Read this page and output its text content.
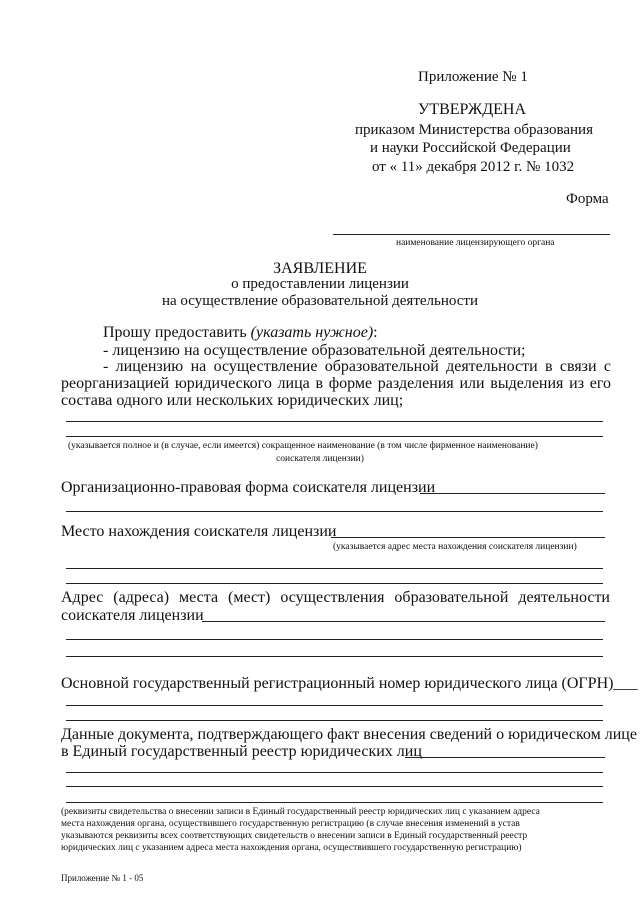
Приложение № 1
УТВЕРЖДЕНА
приказом Министерства образования
и науки Российской Федерации
от « 11» декабря 2012 г. № 1032
Форма
наименование лицензирующего органа
ЗАЯВЛЕНИЕ
о предоставлении лицензии
на осуществление образовательной деятельности
Прошу предоставить (указать нужное):
- лицензию на осуществление образовательной деятельности;
- лицензию на осуществление образовательной деятельности в связи с
реорганизацией юридического лица в форме разделения или выделения из его
состава одного или нескольких юридических лиц;
(указывается полное и (в случае, если имеется) сокращенное наименование (в том числе фирменное наименование)
соискателя лицензии)
Организационно-правовая форма соискателя лицензии
Место нахождения соискателя лицензии
(указывается адрес места нахождения соискателя лицензии)
Адрес (адреса) места (мест) осуществления образовательной деятельности
соискателя лицензии
Основной государственный регистрационный номер юридического лица (ОГРН)___
Данные документа, подтверждающего факт внесения сведений о юридическом лице
в Единый государственный реестр юридических лиц
(реквизиты свидетельства о внесении записи в Единый государственный реестр юридических лиц с указанием адреса
места нахождения органа, осуществившего государственную регистрацию (в случае внесения изменений в устав
указываются реквизиты всех соответствующих свидетельств о внесении записи в Единый государственный реестр
юридических лиц с указанием адреса места нахождения органа, осуществившего государственную регистрацию)
Приложение № 1 - 05
